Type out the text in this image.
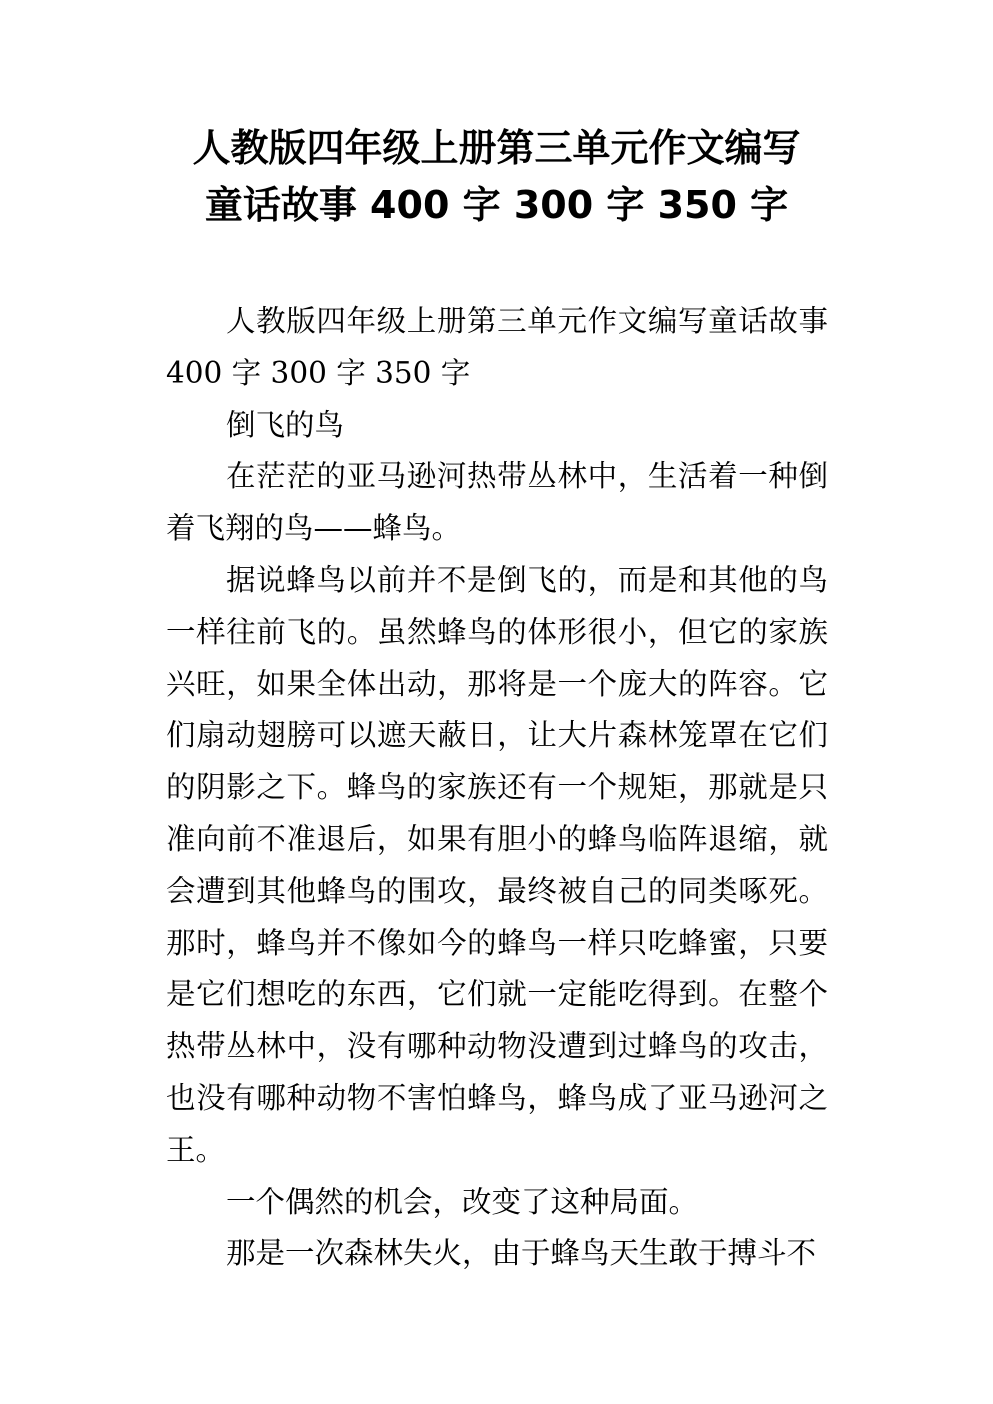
人教版四年级上册第三单元作文编写
童话故事 400 字 300 字 350 字

人教版四年级上册第三单元作文编写童话故事 400 字 300 字 350 字

倒飞的鸟

在茫茫的亚马逊河热带丛林中，生活着一种倒着飞翔的鸟——蜂鸟。

据说蜂鸟以前并不是倒飞的，而是和其他的鸟一样往前飞的。虽然蜂鸟的体形很小，但它的家族兴旺，如果全体出动，那将是一个庞大的阵容。它们扇动翅膀可以遮天蔽日，让大片森林笼罩在它们的阴影之下。蜂鸟的家族还有一个规矩，那就是只准向前不准退后，如果有胆小的蜂鸟临阵退缩，就会遭到其他蜂鸟的围攻，最终被自己的同类啄死。那时，蜂鸟并不像如今的蜂鸟一样只吃蜂蜜，只要是它们想吃的东西，它们就一定能吃得到。在整个热带丛林中，没有哪种动物没遭到过蜂鸟的攻击，也没有哪种动物不害怕蜂鸟，蜂鸟成了亚马逊河之王。

一个偶然的机会，改变了这种局面。

那是一次森林失火，由于蜂鸟天生敢于搏斗不
